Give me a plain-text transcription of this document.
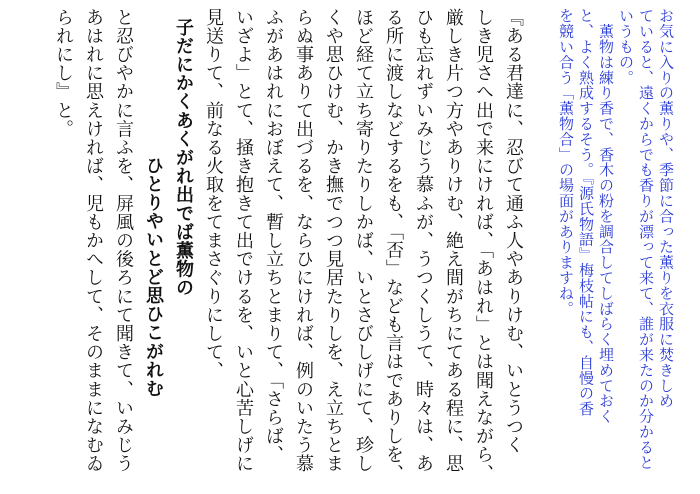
お気に入りの薫りや、季節に合った薫りを衣服に焚きしめ
ていると、遠くからでも香りが漂って来て、誰が来たのか分かると
いうもの。
　薫物は練り香で、香木の粉を調合してしばらく埋めておく
と、よく熟成するそう。『源氏物語』梅枝帖にも、自慢の香
を競い合う「薫物合」の場面がありますね。
『ある君達に、忍びて通ふ人やありけむ、いとうつく
しき児さへ出で来にければ、「あはれ」とは聞えながら、
厳しき片つ方やありけむ、絶え間がちにてある程に、思
ひも忘れずいみじう慕ふが、うつくしうて、時々は、あ
る所に渡しなどするをも、「否」なども言はでありしを、
ほど経て立ち寄りたりしかば、いとさびしげにて、珍し
くや思ひけむ、かき撫でつつ見居たりしを、え立ちとま
らぬ事ありて出づるを、ならひにければ、例のいたう慕
ふがあはれにおぼえて、暫し立ちとまりて、「さらば、
いざよ」とて、掻き抱きて出でけるを、いと心苦しげに
見送りて、前なる火取をてまさぐりにして、
子だにかくあくがれ出でば薫物の
ひとりやいとど思ひこがれむ
と忍びやかに言ふを、屏風の後ろにて聞きて、いみじう
あはれに思えければ、児もかへして、そのままになむゐ
られにし』と。
